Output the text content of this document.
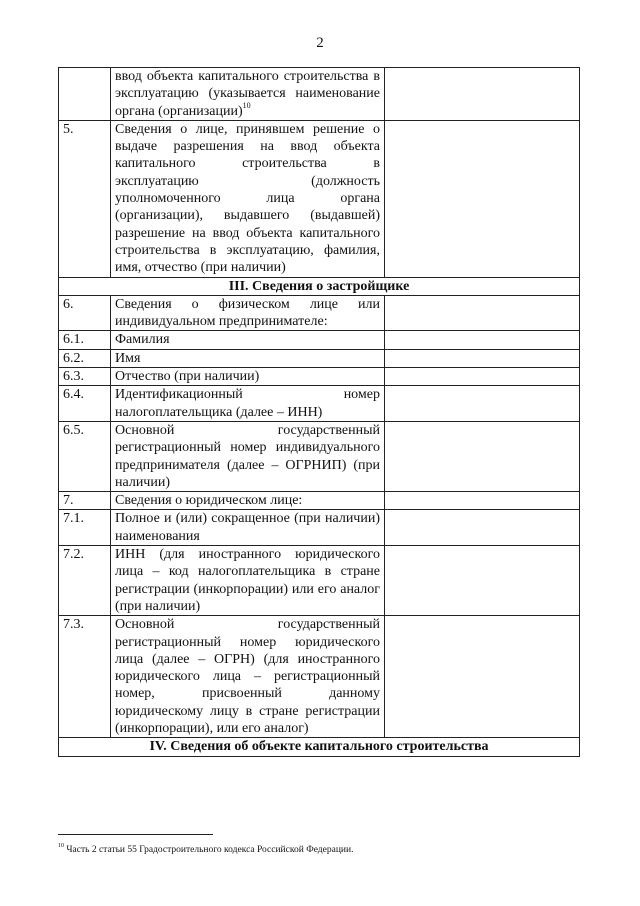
2
	ввод объекта капитального строительства в эксплуатацию (указывается наименование органа (организации)$^{10}$	
5.	Сведения о лице, принявшем решение о выдаче разрешения на ввод объекта капитального строительства в эксплуатацию (должность уполномоченного лица органа (организации), выдавшего (выдавшей) разрешение на ввод объекта капитального строительства в эксплуатацию, фамилия, имя, отчество (при наличии)	
III. Сведения о застройщике		
6.	Сведения о физическом лице или индивидуальном предпринимателе:	
6.1.	Фамилия	
6.2.	Имя	
6.3.	Отчество (при наличии)	
6.4.	Идентификационный номер налогоплательщика (далее – ИНН)	
6.5.	Основной государственный регистрационный номер индивидуального предпринимателя (далее – ОГРНИП) (при наличии)	
7.	Сведения о юридическом лице:	
7.1.	Полное и (или) сокращенное (при наличии) наименования	
7.2.	ИНН (для иностранного юридического лица – код налогоплательщика в стране регистрации (инкорпорации) или его аналог (при наличии)	
7.3.	Основной государственный регистрационный номер юридического лица (далее – ОГРН) (для иностранного юридического лица – регистрационный номер, присвоенный данному юридическому лицу в стране регистрации (инкорпорации), или его аналог)	
IV. Сведения об объекте капитального строительства		
$^{10}$ Часть 2 статьи 55 Градостроительного кодекса Российской Федерации.
